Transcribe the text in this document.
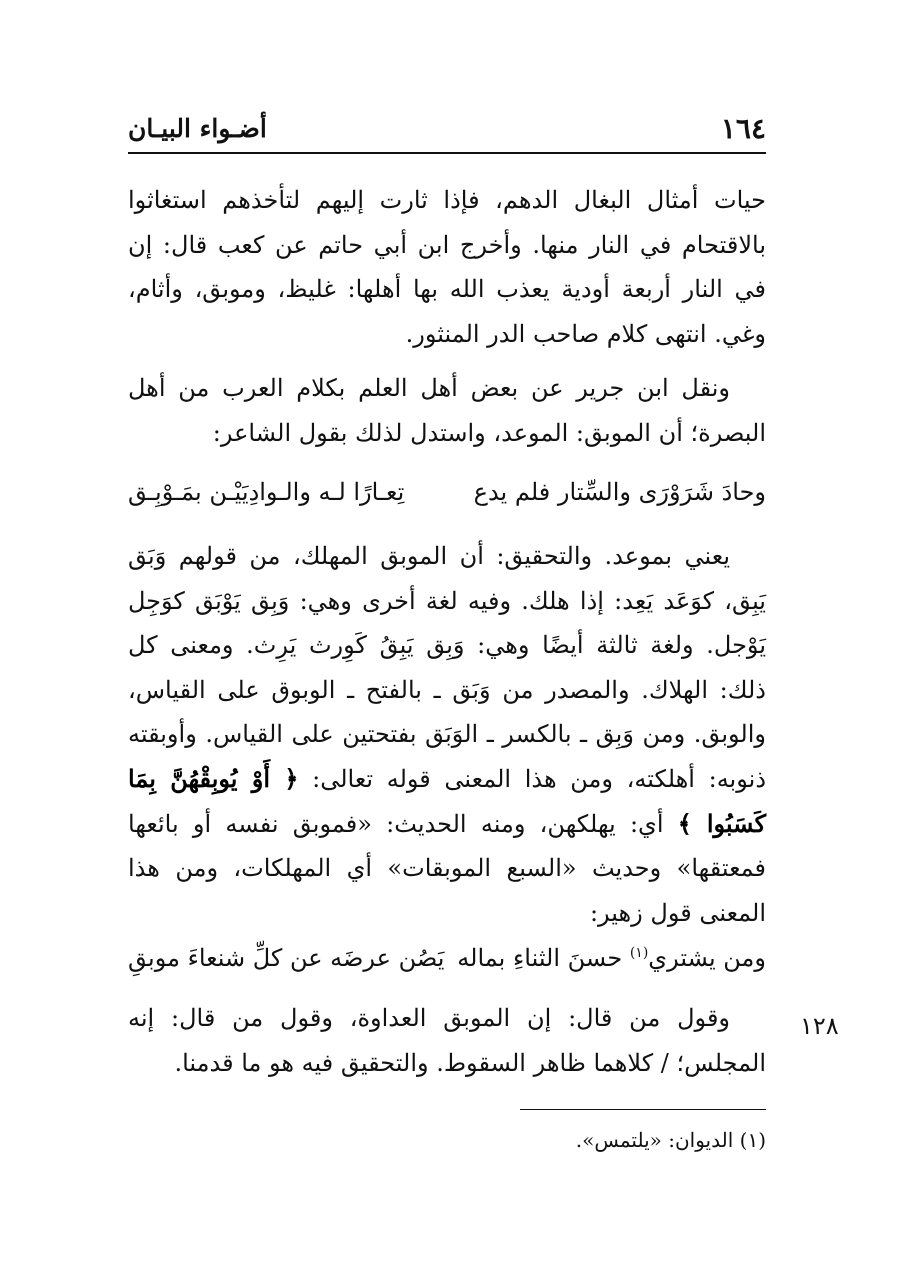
١٦٤
أضـواء البيـان

حيات أمثال البغال الدهم، فإذا ثارت إليهم لتأخذهم استغاثوا بالاقتحام في النار منها. وأخرج ابن أبي حاتم عن كعب قال: إن في النار أربعة أودية يعذب الله بها أهلها: غليظ، وموبق، وأثام، وغي. انتهى كلام صاحب الدر المنثور.

ونقل ابن جرير عن بعض أهل العلم بكلام العرب من أهل البصرة؛ أن الموبق: الموعد، واستدل لذلك بقول الشاعر:

وحادَ شَرَوْرَى والسِّتار فلم يدع
تِعـارًا لـه والـوادِيَيْـن بمَـوْبِـق

يعني بموعد. والتحقيق: أن الموبق المهلك، من قولهم وَبَق يَبِق، كوَعَد يَعِد: إذا هلك. وفيه لغة أخرى وهي: وَبِق يَوْبَق كوَجِل يَوْجل. ولغة ثالثة أيضًا وهي: وَبِق يَبِقُ كَوِرث يَرِث. ومعنى كل ذلك: الهلاك. والمصدر من وَبَق ـ بالفتح ـ الوبوق على القياس، والوبق. ومن وَبِق ـ بالكسر ـ الوَبَق بفتحتين على القياس. وأوبقته ذنوبه: أهلكته، ومن هذا المعنى قوله تعالى: ﴿ أَوْ يُوبِقْهُنَّ بِمَا كَسَبُوا ﴾ أي: يهلكهن، ومنه الحديث: «فموبق نفسه أو بائعها فمعتقها» وحديث «السبع الموبقات» أي المهلكات، ومن هذا المعنى قول زهير:

ومن يشتري$^{(١)}$ حسنَ الثناءِ بماله
يَصُن عرضَه عن كلِّ شنعاءَ موبقِ

وقول من قال: إن الموبق العداوة، وقول من قال: إنه المجلس؛ / كلاهما ظاهر السقوط. والتحقيق فيه هو ما قدمنا.

١٢٨
(١) الديوان: «يلتمس».
